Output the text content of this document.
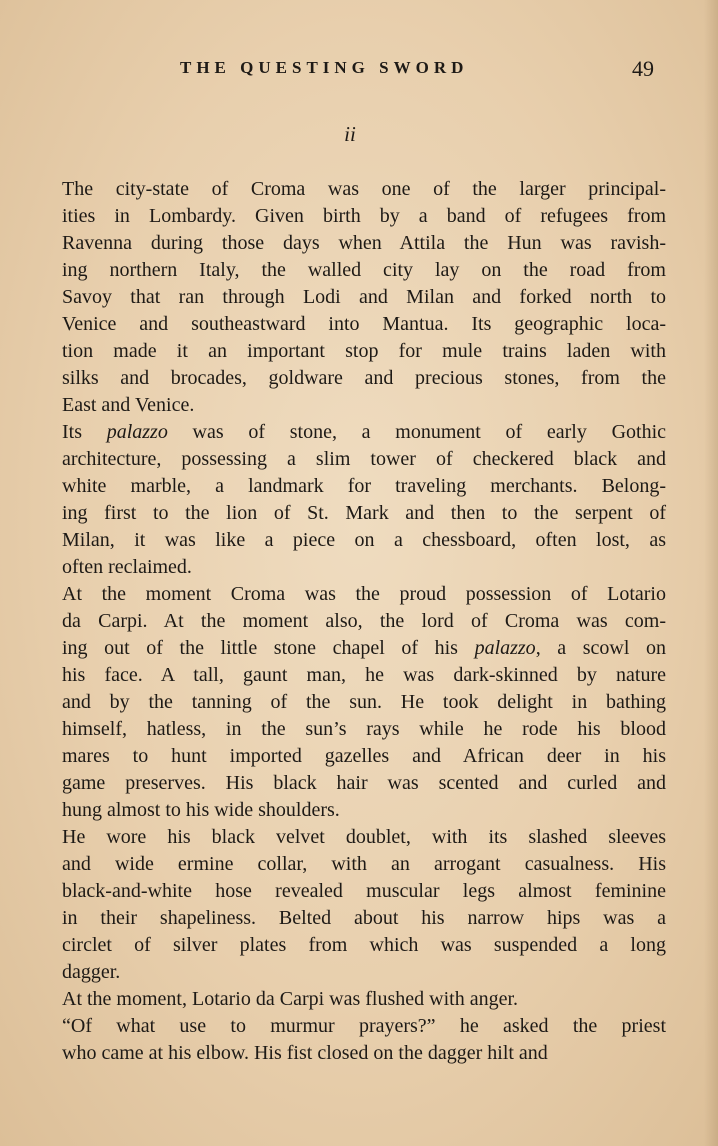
THE QUESTING SWORD	49
ii
The city-state of Croma was one of the larger principal-
ities in Lombardy. Given birth by a band of refugees from
Ravenna during those days when Attila the Hun was ravish-
ing northern Italy, the walled city lay on the road from
Savoy that ran through Lodi and Milan and forked north to
Venice and southeastward into Mantua. Its geographic loca-
tion made it an important stop for mule trains laden with
silks and brocades, goldware and precious stones, from the
East and Venice.
Its palazzo was of stone, a monument of early Gothic
architecture, possessing a slim tower of checkered black and
white marble, a landmark for traveling merchants. Belong-
ing first to the lion of St. Mark and then to the serpent of
Milan, it was like a piece on a chessboard, often lost, as
often reclaimed.
At the moment Croma was the proud possession of Lotario
da Carpi. At the moment also, the lord of Croma was com-
ing out of the little stone chapel of his palazzo, a scowl on
his face. A tall, gaunt man, he was dark-skinned by nature
and by the tanning of the sun. He took delight in bathing
himself, hatless, in the sun’s rays while he rode his blood
mares to hunt imported gazelles and African deer in his
game preserves. His black hair was scented and curled and
hung almost to his wide shoulders.
He wore his black velvet doublet, with its slashed sleeves
and wide ermine collar, with an arrogant casualness. His
black-and-white hose revealed muscular legs almost feminine
in their shapeliness. Belted about his narrow hips was a
circlet of silver plates from which was suspended a long
dagger.
At the moment, Lotario da Carpi was flushed with anger.
“Of what use to murmur prayers?” he asked the priest
who came at his elbow. His fist closed on the dagger hilt and
